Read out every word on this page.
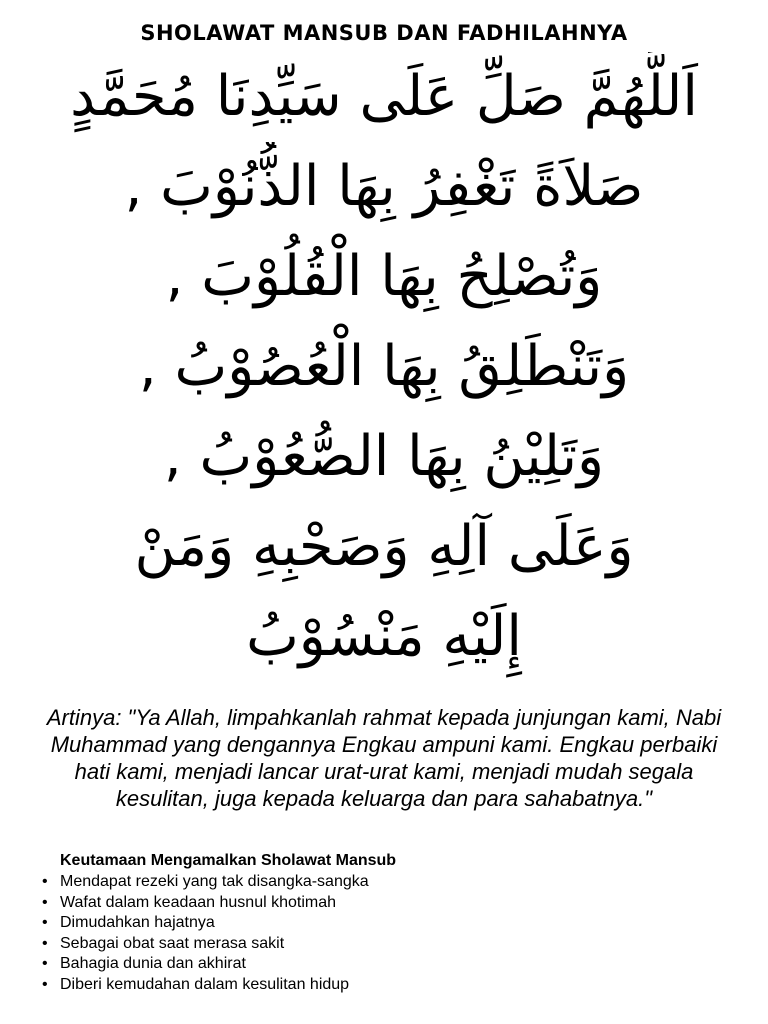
SHOLAWAT MANSUB DAN FADHILAHNYA
اَللَّهُمَّ صَلِّ عَلَى سَيِّدِنَا مُحَمَّدٍ
صَلاَةً تَغْفِرُ بِهَا الذُّنُوْبَ ,
وَتُصْلِحُ بِهَا الْقُلُوْبَ ,
وَتَنْطَلِقُ بِهَا الْعُصُوْبُ ,
وَتَلِيْنُ بِهَا الصُّعُوْبُ ,
وَعَلَى آلِهِ وَصَحْبِهِ وَمَنْ
إِلَيْهِ مَنْسُوْبُ
Artinya: "Ya Allah, limpahkanlah rahmat kepada junjungan kami, Nabi Muhammad yang dengannya Engkau ampuni kami. Engkau perbaiki hati kami, menjadi lancar urat-urat kami, menjadi mudah segala kesulitan, juga kepada keluarga dan para sahabatnya."
Keutamaan Mengamalkan Sholawat Mansub
• Mendapat rezeki yang tak disangka-sangka
• Wafat dalam keadaan husnul khotimah
• Dimudahkan hajatnya
• Sebagai obat saat merasa sakit
• Bahagia dunia dan akhirat
• Diberi kemudahan dalam kesulitan hidup
